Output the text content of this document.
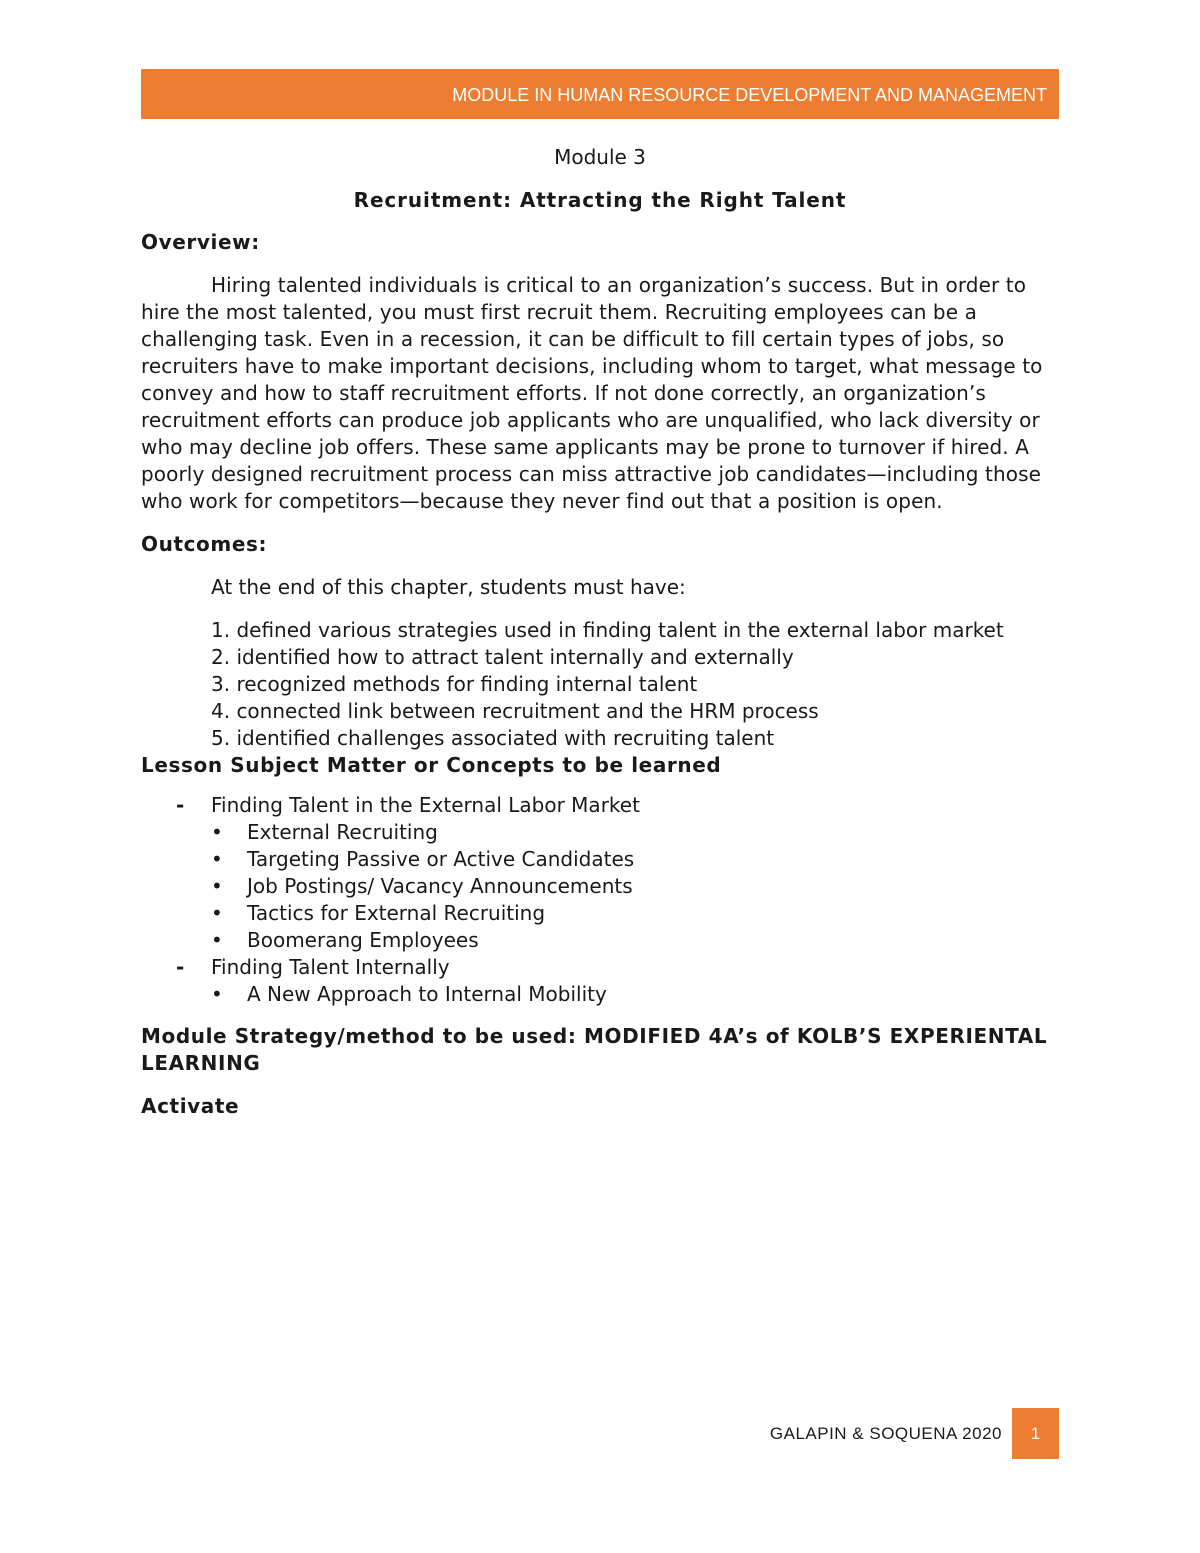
MODULE IN HUMAN RESOURCE DEVELOPMENT AND MANAGEMENT

Module 3

Recruitment: Attracting the Right Talent

Overview:

Hiring talented individuals is critical to an organization’s success. But in order to hire the most talented, you must first recruit them. Recruiting employees can be a challenging task. Even in a recession, it can be difficult to fill certain types of jobs, so recruiters have to make important decisions, including whom to target, what message to convey and how to staff recruitment efforts. If not done correctly, an organization’s recruitment efforts can produce job applicants who are unqualified, who lack diversity or who may decline job offers. These same applicants may be prone to turnover if hired. A poorly designed recruitment process can miss attractive job candidates—including those who work for competitors—because they never find out that a position is open.

Outcomes:

At the end of this chapter, students must have:

1. defined various strategies used in finding talent in the external labor market
2. identified how to attract talent internally and externally
3. recognized methods for finding internal talent
4. connected link between recruitment and the HRM process
5. identified challenges associated with recruiting talent

Lesson Subject Matter or Concepts to be learned

- Finding Talent in the External Labor Market
• External Recruiting
• Targeting Passive or Active Candidates
• Job Postings/ Vacancy Announcements
• Tactics for External Recruiting
• Boomerang Employees
- Finding Talent Internally
• A New Approach to Internal Mobility

Module Strategy/method to be used: MODIFIED 4A’s of KOLB’S EXPERIENTAL LEARNING

Activate

GALAPIN & SOQUENA 2020	1
